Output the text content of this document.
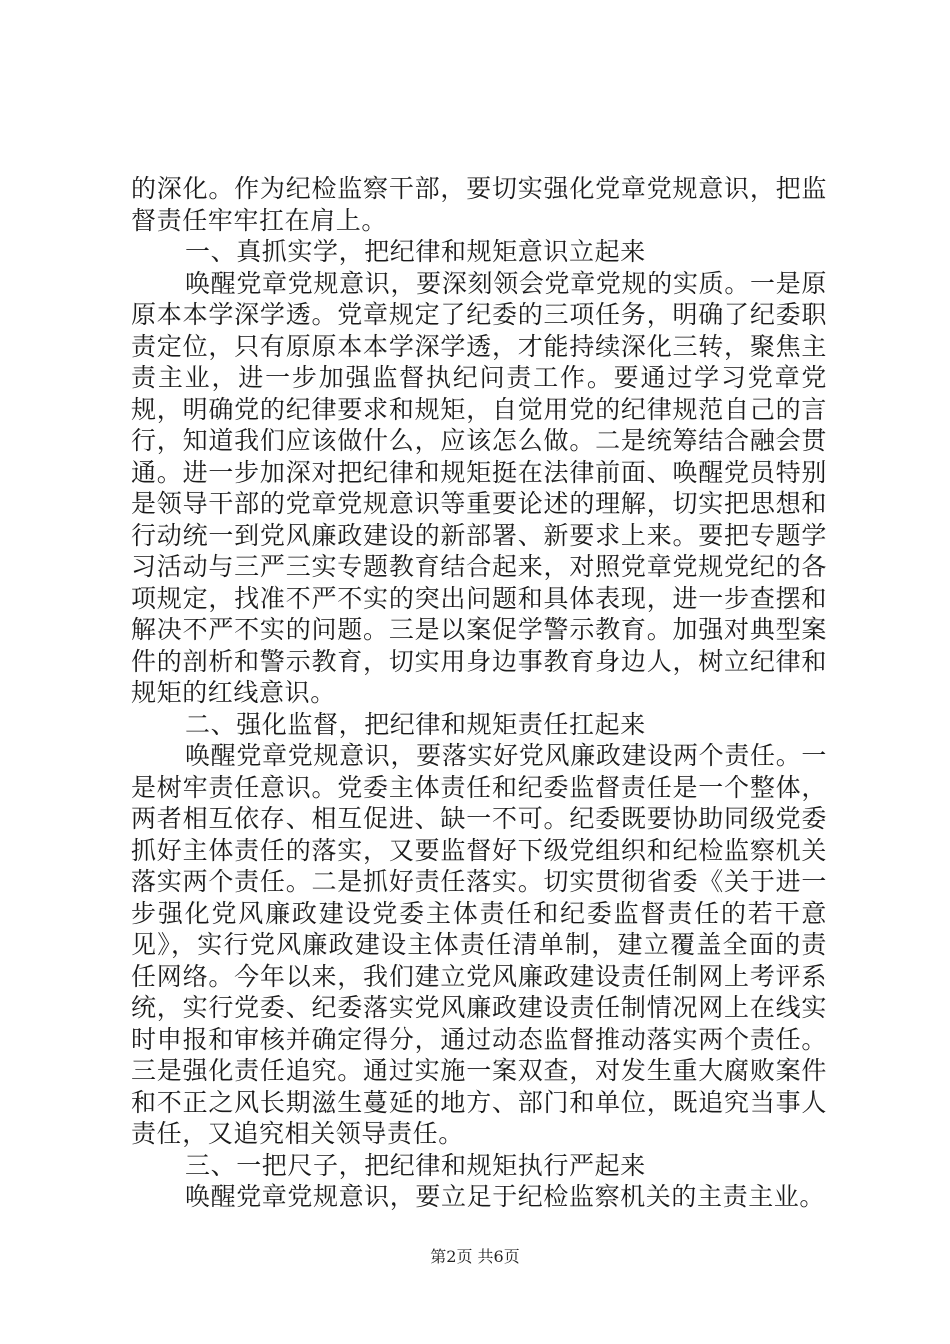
的深化。作为纪检监察干部，要切实强化党章党规意识，把监督责任牢牢扛在肩上。

一、真抓实学，把纪律和规矩意识立起来

唤醒党章党规意识，要深刻领会党章党规的实质。一是原原本本学深学透。党章规定了纪委的三项任务，明确了纪委职责定位，只有原原本本学深学透，才能持续深化三转，聚焦主责主业，进一步加强监督执纪问责工作。要通过学习党章党规，明确党的纪律要求和规矩，自觉用党的纪律规范自己的言行，知道我们应该做什么，应该怎么做。二是统筹结合融会贯通。进一步加深对把纪律和规矩挺在法律前面、唤醒党员特别是领导干部的党章党规意识等重要论述的理解，切实把思想和行动统一到党风廉政建设的新部署、新要求上来。要把专题学习活动与三严三实专题教育结合起来，对照党章党规党纪的各项规定，找准不严不实的突出问题和具体表现，进一步查摆和解决不严不实的问题。三是以案促学警示教育。加强对典型案件的剖析和警示教育，切实用身边事教育身边人，树立纪律和规矩的红线意识。

二、强化监督，把纪律和规矩责任扛起来

唤醒党章党规意识，要落实好党风廉政建设两个责任。一是树牢责任意识。党委主体责任和纪委监督责任是一个整体，两者相互依存、相互促进、缺一不可。纪委既要协助同级党委抓好主体责任的落实，又要监督好下级党组织和纪检监察机关落实两个责任。二是抓好责任落实。切实贯彻省委《关于进一步强化党风廉政建设党委主体责任和纪委监督责任的若干意见》，实行党风廉政建设主体责任清单制，建立覆盖全面的责任网络。今年以来，我们建立党风廉政建设责任制网上考评系统，实行党委、纪委落实党风廉政建设责任制情况网上在线实时申报和审核并确定得分，通过动态监督推动落实两个责任。三是强化责任追究。通过实施一案双查，对发生重大腐败案件和不正之风长期滋生蔓延的地方、部门和单位，既追究当事人责任，又追究相关领导责任。

三、一把尺子，把纪律和规矩执行严起来

唤醒党章党规意识，要立足于纪检监察机关的主责主业。

第2页 共6页
